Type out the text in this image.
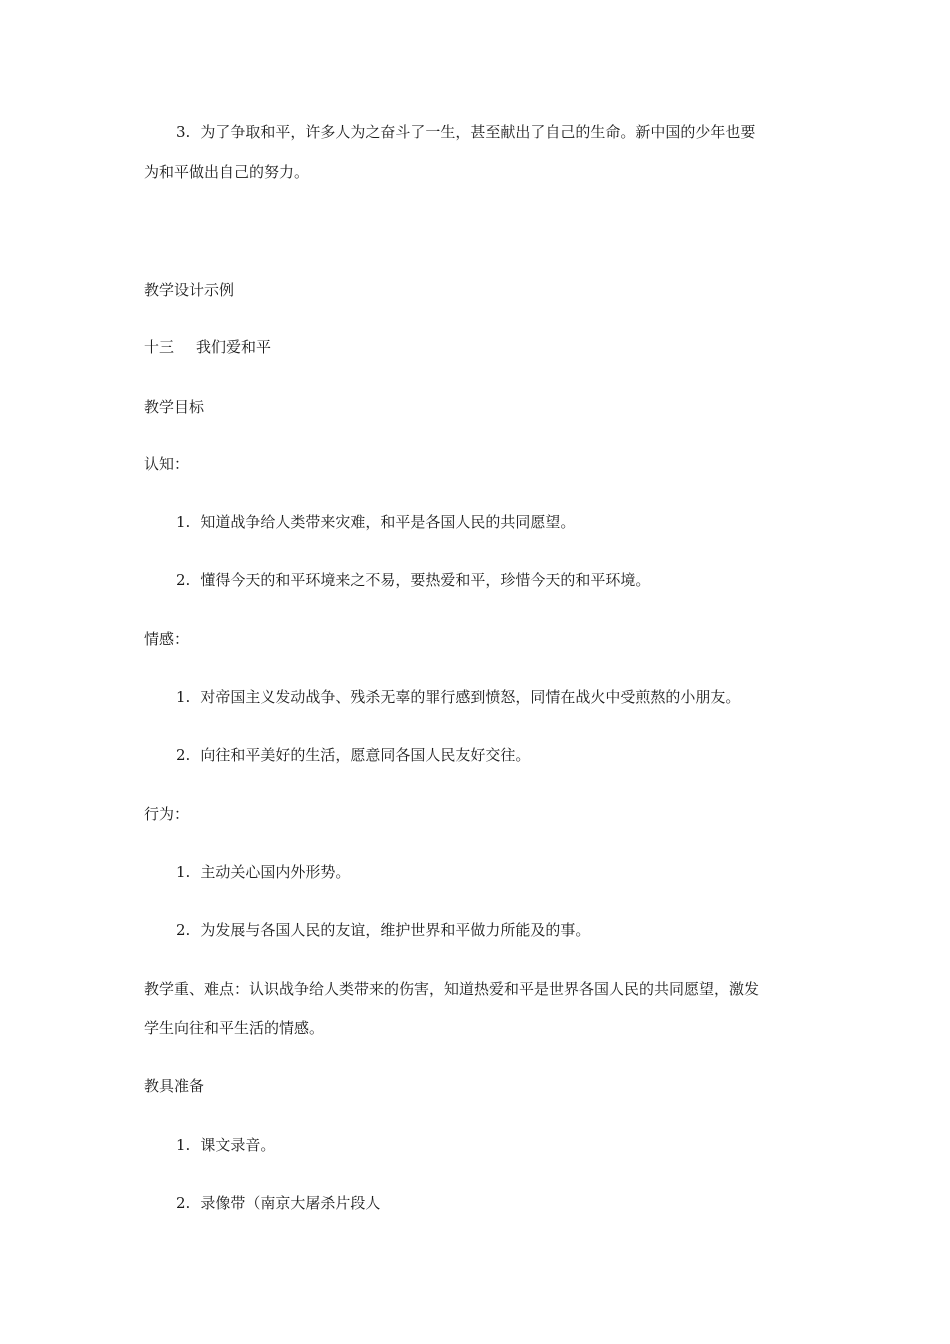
3. 为了争取和平，许多人为之奋斗了一生，甚至献出了自己的生命。新中国的少年也要
为和平做出自己的努力。
教学设计示例
十三 我们爱和平
教学目标
认知：
1. 知道战争给人类带来灾难，和平是各国人民的共同愿望。
2. 懂得今天的和平环境来之不易，要热爱和平，珍惜今天的和平环境。
情感：
1. 对帝国主义发动战争、残杀无辜的罪行感到愤怒，同情在战火中受煎熬的小朋友。
2. 向往和平美好的生活，愿意同各国人民友好交往。
行为：
1. 主动关心国内外形势。
2. 为发展与各国人民的友谊，维护世界和平做力所能及的事。
教学重、难点：认识战争给人类带来的伤害，知道热爱和平是世界各国人民的共同愿望，激发
学生向往和平生活的情感。
教具准备
1. 课文录音。
2. 录像带（南京大屠杀片段人
